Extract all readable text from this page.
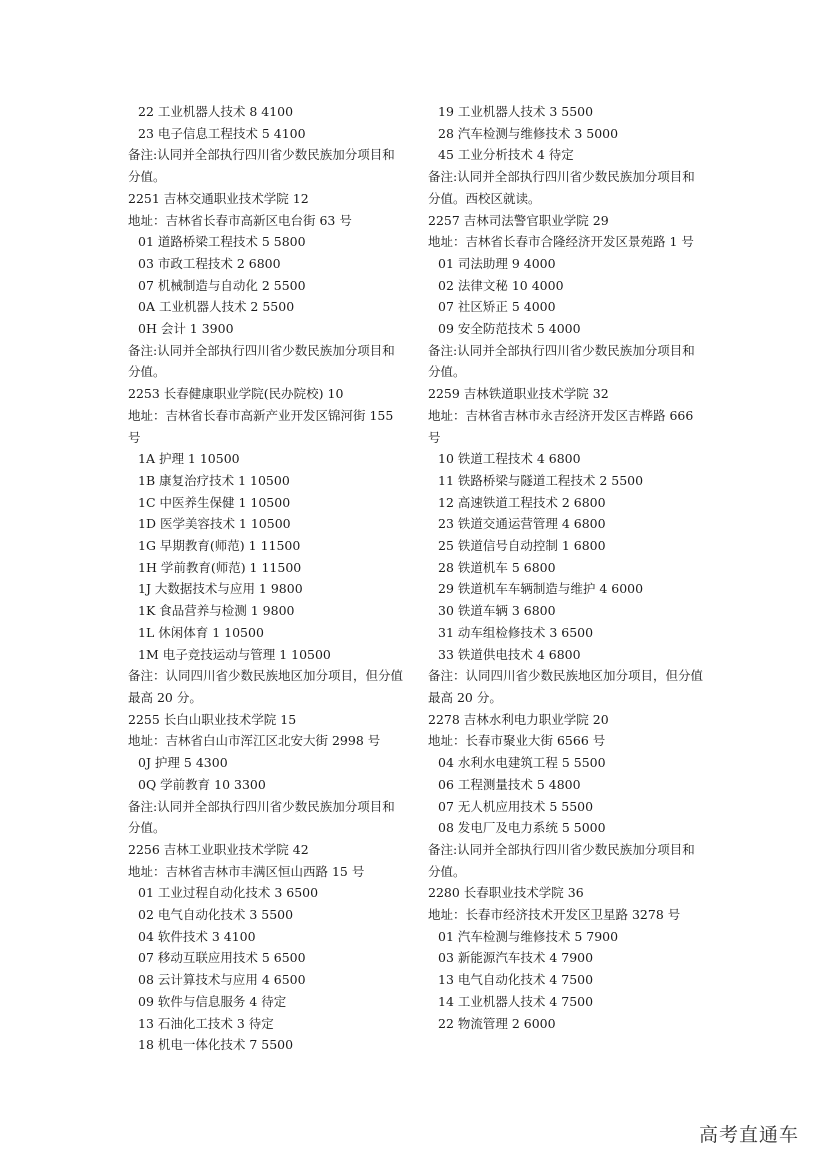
22 工业机器人技术 8 4100
23 电子信息工程技术 5 4100
备注:认同并全部执行四川省少数民族加分项目和分值。
2251 吉林交通职业技术学院 12
地址：吉林省长春市高新区电台街 63 号
01 道路桥梁工程技术 5 5800
03 市政工程技术 2 6800
07 机械制造与自动化 2 5500
0A 工业机器人技术 2 5500
0H 会计 1 3900
备注:认同并全部执行四川省少数民族加分项目和分值。
2253 长春健康职业学院(民办院校) 10
地址：吉林省长春市高新产业开发区锦河街 155 号
1A 护理 1 10500
1B 康复治疗技术 1 10500
1C 中医养生保健 1 10500
1D 医学美容技术 1 10500
1G 早期教育(师范) 1 11500
1H 学前教育(师范) 1 11500
1J 大数据技术与应用 1 9800
1K 食品营养与检测 1 9800
1L 休闲体育 1 10500
1M 电子竞技运动与管理 1 10500
备注：认同四川省少数民族地区加分项目，但分值最高 20 分。
2255 长白山职业技术学院 15
地址：吉林省白山市浑江区北安大街 2998 号
0J 护理 5 4300
0Q 学前教育 10 3300
备注:认同并全部执行四川省少数民族加分项目和分值。
2256 吉林工业职业技术学院 42
地址：吉林省吉林市丰满区恒山西路 15 号
01 工业过程自动化技术 3 6500
02 电气自动化技术 3 5500
04 软件技术 3 4100
07 移动互联应用技术 5 6500
08 云计算技术与应用 4 6500
09 软件与信息服务 4 待定
13 石油化工技术 3 待定
18 机电一体化技术 7 5500
19 工业机器人技术 3 5500
28 汽车检测与维修技术 3 5000
45 工业分析技术 4 待定
备注:认同并全部执行四川省少数民族加分项目和分值。西校区就读。
2257 吉林司法警官职业学院 29
地址：吉林省长春市合隆经济开发区景苑路 1 号
01 司法助理 9 4000
02 法律文秘 10 4000
07 社区矫正 5 4000
09 安全防范技术 5 4000
备注:认同并全部执行四川省少数民族加分项目和分值。
2259 吉林铁道职业技术学院 32
地址：吉林省吉林市永吉经济开发区吉桦路 666 号
10 铁道工程技术 4 6800
11 铁路桥梁与隧道工程技术 2 5500
12 高速铁道工程技术 2 6800
23 铁道交通运营管理 4 6800
25 铁道信号自动控制 1 6800
28 铁道机车 5 6800
29 铁道机车车辆制造与维护 4 6000
30 铁道车辆 3 6800
31 动车组检修技术 3 6500
33 铁道供电技术 4 6800
备注：认同四川省少数民族地区加分项目，但分值最高 20 分。
2278 吉林水利电力职业学院 20
地址：长春市聚业大街 6566 号
04 水利水电建筑工程 5 5500
06 工程测量技术 5 4800
07 无人机应用技术 5 5500
08 发电厂及电力系统 5 5000
备注:认同并全部执行四川省少数民族加分项目和分值。
2280 长春职业技术学院 36
地址：长春市经济技术开发区卫星路 3278 号
01 汽车检测与维修技术 5 7900
03 新能源汽车技术 4 7900
13 电气自动化技术 4 7500
14 工业机器人技术 4 7500
22 物流管理 2 6000
高考直通车
